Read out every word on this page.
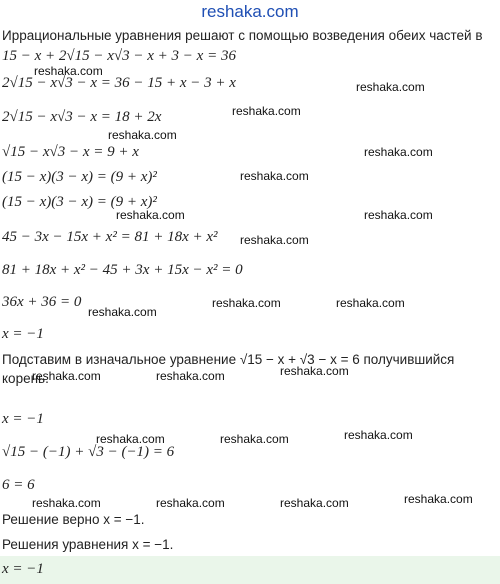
reshaka.com
Иррациональные уравнения решают с помощью возведения обеих частей в
15 − x + 2√15 − x√3 − x + 3 − x = 36
2√15 − x√3 − x = 36 − 15 + x − 3 + x
2√15 − x√3 − x = 18 + 2x
√15 − x√3 − x = 9 + x
(15 − x)(3 − x) = (9 + x)²
(15 − x)(3 − x) = (9 + x)²
45 − 3x − 15x + x² = 81 + 18x + x²
81 + 18x + x² − 45 + 3x + 15x − x² = 0
36x + 36 = 0
x = −1
Подставим в изначальное уравнение √15 − x + √3 − x = 6 получившийся
корень.
x = −1
√15 − (−1) + √3 − (−1) = 6
6 = 6
Решение верно x = −1.
Решения уравнения x = −1.
x = −1
reshaka.com
reshaka.com
reshaka.com
reshaka.com
reshaka.com
reshaka.com
reshaka.com	reshaka.com
reshaka.com
reshaka.com	reshaka.com
reshaka.com
reshaka.com
reshaka.com	reshaka.com
reshaka.com
reshaka.com	reshaka.com
reshaka.com
reshaka.com	reshaka.com	reshaka.com
